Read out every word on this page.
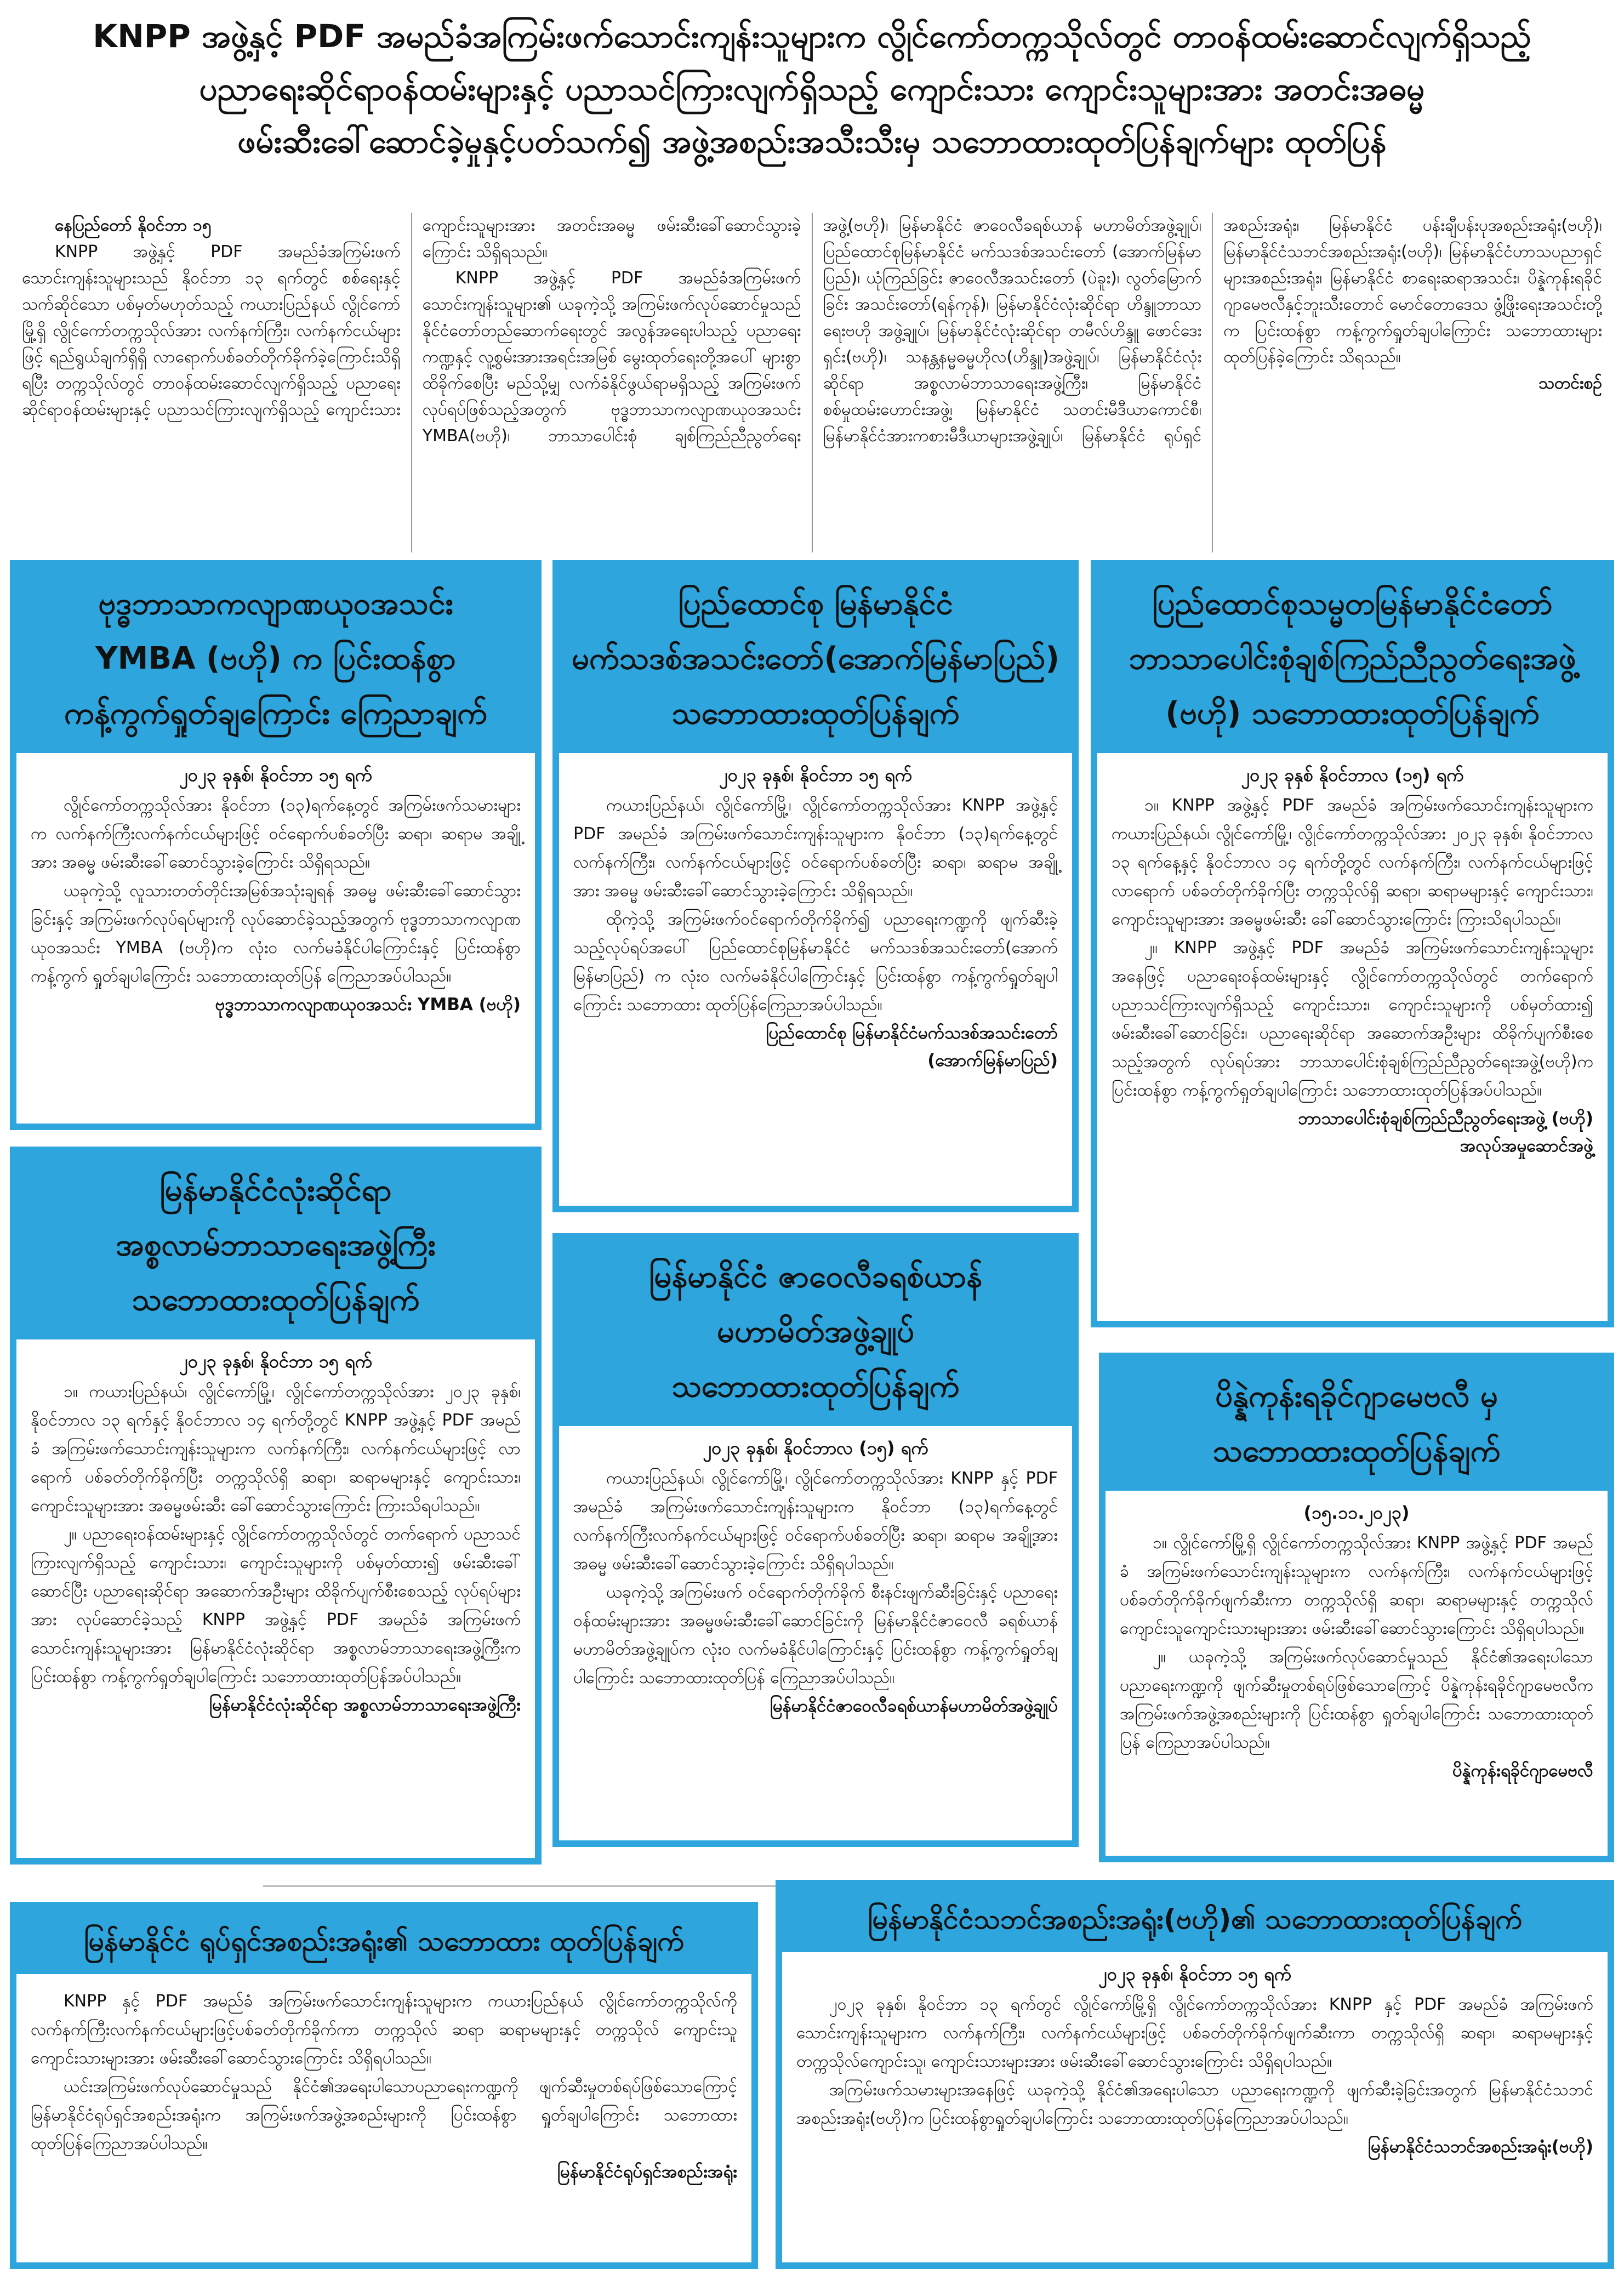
KNPP အဖွဲ့နှင့် PDF အမည်ခံအကြမ်းဖက်သောင်းကျန်းသူများက လွိုင်ကော်တက္ကသိုလ်တွင် တာဝန်ထမ်းဆောင်လျက်ရှိသည့်
ပညာရေးဆိုင်ရာဝန်ထမ်းများနှင့် ပညာသင်ကြားလျက်ရှိသည့် ကျောင်းသား ကျောင်းသူများအား အတင်းအဓမ္မ
ဖမ်းဆီးခေါ်ဆောင်ခဲ့မှုနှင့်ပတ်သက်၍ အဖွဲ့အစည်းအသီးသီးမှ သဘောထားထုတ်ပြန်ချက်များ ထုတ်ပြန်

နေပြည်တော် နိုဝင်ဘာ ၁၅

KNPP အဖွဲ့နှင့် PDF အမည်ခံအကြမ်းဖက်သောင်းကျန်းသူများသည် နိုဝင်ဘာ ၁၃ ရက်တွင် စစ်ရေးနှင့်သက်ဆိုင်သော ပစ်မှတ်မဟုတ်သည့် ကယားပြည်နယ် လွိုင်ကော်မြို့ရှိ လွိုင်ကော်တက္ကသိုလ်အား လက်နက်ကြီး၊ လက်နက်ငယ်များဖြင့် ရည်ရွယ်ချက်ရှိရှိ လာရောက်ပစ်ခတ်တိုက်ခိုက်ခဲ့ကြောင်းသိရှိရပြီး တက္ကသိုလ်တွင် တာဝန်ထမ်းဆောင်လျက်ရှိသည့် ပညာရေးဆိုင်ရာဝန်ထမ်းများနှင့် ပညာသင်ကြားလျက်ရှိသည့် ကျောင်းသား ကျောင်းသူများအား အတင်းအဓမ္မ ဖမ်းဆီးခေါ်ဆောင်သွားခဲ့ကြောင်း သိရှိရသည်။

KNPP အဖွဲ့နှင့် PDF အမည်ခံအကြမ်းဖက်သောင်းကျန်းသူများ၏ ယခုကဲ့သို့ အကြမ်းဖက်လုပ်ဆောင်မှုသည် နိုင်ငံတော်တည်ဆောက်ရေးတွင် အလွန်အရေးပါသည့် ပညာရေးကဏ္ဍနှင့် လူ့စွမ်းအားအရင်းအမြစ် မွေးထုတ်ရေးတို့အပေါ် များစွာ ထိခိုက်စေပြီး မည်သို့မျှ လက်ခံနိုင်ဖွယ်ရာမရှိသည့် အကြမ်းဖက် လုပ်ရပ်ဖြစ်သည့်အတွက် ဗုဒ္ဓဘာသာကလျာဏယုဝအသင်း YMBA(ဗဟို)၊ ဘာသာပေါင်းစုံ ချစ်ကြည်ညီညွတ်ရေးအဖွဲ့(ဗဟို)၊ မြန်မာနိုင်ငံ ဇာဝေလီခရစ်ယာန် မဟာမိတ်အဖွဲ့ချုပ်၊ ပြည်ထောင်စုမြန်မာနိုင်ငံ မက်သဒစ်အသင်းတော် (အောက်မြန်မာပြည်)၊ ယုံကြည်ခြင်း ဇာဝေလီအသင်းတော် (ပဲခူး)၊ လွတ်မြောက်ခြင်း အသင်းတော်(ရန်ကုန်)၊ မြန်မာနိုင်ငံလုံးဆိုင်ရာ ဟိန္ဒူဘာသာရေးဗဟို အဖွဲ့ချုပ်၊ မြန်မာနိုင်ငံလုံးဆိုင်ရာ တမီလ်ဟိန္ဒူ ဖောင်ဒေးရှင်း(ဗဟို)၊ သနန္တနမ္မဓမ္မဟိုလ(ဟိန္ဒူ)အဖွဲ့ချုပ်၊ မြန်မာနိုင်ငံလုံးဆိုင်ရာ အစ္စလာမ်ဘာသာရေးအဖွဲ့ကြီး၊ မြန်မာနိုင်ငံစစ်မှုထမ်းဟောင်းအဖွဲ့၊ မြန်မာနိုင်ငံ သတင်းမီဒီယာကောင်စီ၊ မြန်မာနိုင်ငံအားကစားမီဒီယာများအဖွဲ့ချုပ်၊ မြန်မာနိုင်ငံ ရုပ်ရှင်အစည်းအရုံး၊ မြန်မာနိုင်ငံ ပန်းချီပန်းပုအစည်းအရုံး(ဗဟို)၊ မြန်မာနိုင်ငံသဘင်အစည်းအရုံး(ဗဟို)၊ မြန်မာနိုင်ငံဟာသပညာရှင်များအစည်းအရုံး၊ မြန်မာနိုင်ငံ စာရေးဆရာအသင်း၊ ပိန္နဲကုန်းရခိုင်ဂျာမေဗလီနှင့်ဘူးသီးတောင် မောင်တောဒေသ ဖွံ့ဖြိုးရေးအသင်းတို့က ပြင်းထန်စွာ ကန့်ကွက်ရှုတ်ချပါကြောင်း သဘောထားများ ထုတ်ပြန်ခဲ့ကြောင်း သိရသည်။

သတင်းစဉ်

ဗုဒ္ဓဘာသာကလျာဏယုဝအသင်း
YMBA (ဗဟို) က ပြင်းထန်စွာ
ကန့်ကွက်ရှုတ်ချကြောင်း ကြေညာချက်
၂၀၂၃ ခုနှစ်၊ နိုဝင်ဘာ ၁၅ ရက်

လွိုင်ကော်တက္ကသိုလ်အား နိုဝင်ဘာ (၁၃)ရက်နေ့တွင် အကြမ်းဖက်သမားများက လက်နက်ကြီးလက်နက်ငယ်များဖြင့် ဝင်ရောက်ပစ်ခတ်ပြီး ဆရာ၊ ဆရာမ အချို့အား အဓမ္မ ဖမ်းဆီးခေါ်ဆောင်သွားခဲ့ကြောင်း သိရှိရသည်။

ယခုကဲ့သို့ လူသားတတ်တိုင်းအမြစ်အသုံးချရန် အဓမ္မ ဖမ်းဆီးခေါ်ဆောင်သွားခြင်းနှင့် အကြမ်းဖက်လုပ်ရပ်များကို လုပ်ဆောင်ခဲ့သည့်အတွက် ဗုဒ္ဓဘာသာကလျာဏယုဝအသင်း YMBA (ဗဟို)က လုံးဝ လက်မခံနိုင်ပါကြောင်းနှင့် ပြင်းထန်စွာကန့်ကွက် ရှုတ်ချပါကြောင်း သဘောထားထုတ်ပြန် ကြေညာအပ်ပါသည်။

ဗုဒ္ဓဘာသာကလျာဏယုဝအသင်း YMBA (ဗဟို)
ပြည်ထောင်စု မြန်မာနိုင်ငံ
မက်သဒစ်အသင်းတော်(အောက်မြန်မာပြည်)
သဘောထားထုတ်ပြန်ချက်
၂၀၂၃ ခုနှစ်၊ နိုဝင်ဘာ ၁၅ ရက်

ကယားပြည်နယ်၊ လွိုင်ကော်မြို့၊ လွိုင်ကော်တက္ကသိုလ်အား KNPP အဖွဲ့နှင့် PDF အမည်ခံ အကြမ်းဖက်သောင်းကျန်းသူများက နိုဝင်ဘာ (၁၃)ရက်နေ့တွင် လက်နက်ကြီး၊ လက်နက်ငယ်များဖြင့် ဝင်ရောက်ပစ်ခတ်ပြီး ဆရာ၊ ဆရာမ အချို့အား အဓမ္မ ဖမ်းဆီးခေါ်ဆောင်သွားခဲ့ကြောင်း သိရှိရသည်။

ထိုကဲ့သို့ အကြမ်းဖက်ဝင်ရောက်တိုက်ခိုက်၍ ပညာရေးကဏ္ဍကို ဖျက်ဆီးခဲ့သည့်လုပ်ရပ်အပေါ် ပြည်ထောင်စုမြန်မာနိုင်ငံ မက်သဒစ်အသင်းတော်(အောက် မြန်မာပြည်) က လုံးဝ လက်မခံနိုင်ပါကြောင်းနှင့် ပြင်းထန်စွာ ကန့်ကွက်ရှုတ်ချပါကြောင်း သဘောထား ထုတ်ပြန်ကြေညာအပ်ပါသည်။

ပြည်ထောင်စု မြန်မာနိုင်ငံမက်သဒစ်အသင်းတော်
(အောက်မြန်မာပြည်)
ပြည်ထောင်စုသမ္မတမြန်မာနိုင်ငံတော်
ဘာသာပေါင်းစုံချစ်ကြည်ညီညွတ်ရေးအဖွဲ့
(ဗဟို) သဘောထားထုတ်ပြန်ချက်
၂၀၂၃ ခုနှစ် နိုဝင်ဘာလ (၁၅) ရက်

၁။ KNPP အဖွဲ့နှင့် PDF အမည်ခံ အကြမ်းဖက်သောင်းကျန်းသူများက ကယားပြည်နယ်၊ လွိုင်ကော်မြို့၊ လွိုင်ကော်တက္ကသိုလ်အား ၂၀၂၃ ခုနှစ်၊ နိုဝင်ဘာလ ၁၃ ရက်နေ့နှင့် နိုဝင်ဘာလ ၁၄ ရက်တို့တွင် လက်နက်ကြီး၊ လက်နက်ငယ်များဖြင့် လာရောက် ပစ်ခတ်တိုက်ခိုက်ပြီး တက္ကသိုလ်ရှိ ဆရာ၊ ဆရာမများနှင့် ကျောင်းသား၊ ကျောင်းသူများအား အဓမ္မဖမ်းဆီး ခေါ်ဆောင်သွားကြောင်း ကြားသိရပါသည်။

၂။ KNPP အဖွဲ့နှင့် PDF အမည်ခံ အကြမ်းဖက်သောင်းကျန်းသူများ အနေဖြင့် ပညာရေးဝန်ထမ်းများနှင့် လွိုင်ကော်တက္ကသိုလ်တွင် တက်ရောက်ပညာသင်ကြားလျက်ရှိသည့် ကျောင်းသား၊ ကျောင်းသူများကို ပစ်မှတ်ထား၍ ဖမ်းဆီးခေါ်ဆောင်ခြင်း၊ ပညာရေးဆိုင်ရာ အဆောက်အဦးများ ထိခိုက်ပျက်စီးစေသည့်အတွက် လုပ်ရပ်အား ဘာသာပေါင်းစုံချစ်ကြည်ညီညွတ်ရေးအဖွဲ့(ဗဟို)က ပြင်းထန်စွာ ကန့်ကွက်ရှုတ်ချပါကြောင်း သဘောထားထုတ်ပြန်အပ်ပါသည်။

ဘာသာပေါင်းစုံချစ်ကြည်ညီညွတ်ရေးအဖွဲ့ (ဗဟို)
အလုပ်အမှုဆောင်အဖွဲ့
မြန်မာနိုင်ငံလုံးဆိုင်ရာ
အစ္စလာမ်ဘာသာရေးအဖွဲ့ကြီး
သဘောထားထုတ်ပြန်ချက်
၂၀၂၃ ခုနှစ်၊ နိုဝင်ဘာ ၁၅ ရက်

၁။ ကယားပြည်နယ်၊ လွိုင်ကော်မြို့၊ လွိုင်ကော်တက္ကသိုလ်အား ၂၀၂၃ ခုနှစ်၊ နိုဝင်ဘာလ ၁၃ ရက်နှင့် နိုဝင်ဘာလ ၁၄ ရက်တို့တွင် KNPP အဖွဲ့နှင့် PDF အမည်ခံ အကြမ်းဖက်သောင်းကျန်းသူများက လက်နက်ကြီး၊ လက်နက်ငယ်များဖြင့် လာရောက် ပစ်ခတ်တိုက်ခိုက်ပြီး တက္ကသိုလ်ရှိ ဆရာ၊ ဆရာမများနှင့် ကျောင်းသား၊ ကျောင်းသူများအား အဓမ္မဖမ်းဆီး ခေါ်ဆောင်သွားကြောင်း ကြားသိရပါသည်။

၂။ ပညာရေးဝန်ထမ်းများနှင့် လွိုင်ကော်တက္ကသိုလ်တွင် တက်ရောက် ပညာသင်ကြားလျက်ရှိသည့် ကျောင်းသား၊ ကျောင်းသူများကို ပစ်မှတ်ထား၍ ဖမ်းဆီးခေါ်ဆောင်ပြီး ပညာရေးဆိုင်ရာ အဆောက်အဦးများ ထိခိုက်ပျက်စီးစေသည့် လုပ်ရပ်များအား လုပ်ဆောင်ခဲ့သည့် KNPP အဖွဲ့နှင့် PDF အမည်ခံ အကြမ်းဖက်သောင်းကျန်းသူများအား မြန်မာနိုင်ငံလုံးဆိုင်ရာ အစ္စလာမ်ဘာသာရေးအဖွဲ့ကြီးက ပြင်းထန်စွာ ကန့်ကွက်ရှုတ်ချပါကြောင်း သဘောထားထုတ်ပြန်အပ်ပါသည်။

မြန်မာနိုင်ငံလုံးဆိုင်ရာ အစ္စလာမ်ဘာသာရေးအဖွဲ့ကြီး
မြန်မာနိုင်ငံ ဇာဝေလီခရစ်ယာန်
မဟာမိတ်အဖွဲ့ချုပ်
သဘောထားထုတ်ပြန်ချက်
၂၀၂၃ ခုနှစ်၊ နိုဝင်ဘာလ (၁၅) ရက်

ကယားပြည်နယ်၊ လွိုင်ကော်မြို့၊ လွိုင်ကော်တက္ကသိုလ်အား KNPP နှင့် PDF အမည်ခံ အကြမ်းဖက်သောင်းကျန်းသူများက နိုဝင်ဘာ (၁၃)ရက်နေ့တွင် လက်နက်ကြီးလက်နက်ငယ်များဖြင့် ဝင်ရောက်ပစ်ခတ်ပြီး ဆရာ၊ ဆရာမ အချို့အား အဓမ္မ ဖမ်းဆီးခေါ်ဆောင်သွားခဲ့ကြောင်း သိရှိရပါသည်။

ယခုကဲ့သို့ အကြမ်းဖက် ဝင်ရောက်တိုက်ခိုက် စီးနင်းဖျက်ဆီးခြင်းနှင့် ပညာရေးဝန်ထမ်းများအား အဓမ္မဖမ်းဆီးခေါ်ဆောင်ခြင်းကို မြန်မာနိုင်ငံဇာဝေလီ ခရစ်ယာန်မဟာမိတ်အဖွဲ့ချုပ်က လုံးဝ လက်မခံနိုင်ပါကြောင်းနှင့် ပြင်းထန်စွာ ကန့်ကွက်ရှုတ်ချပါကြောင်း သဘောထားထုတ်ပြန် ကြေညာအပ်ပါသည်။

မြန်မာနိုင်ငံဇာဝေလီခရစ်ယာန်မဟာမိတ်အဖွဲ့ချုပ်
ပိန္နဲကုန်းရခိုင်ဂျာမေဗလီ မှ
သဘောထားထုတ်ပြန်ချက်
(၁၅.၁၁.၂၀၂၃)

၁။ လွိုင်ကော်မြို့ရှိ လွိုင်ကော်တက္ကသိုလ်အား KNPP အဖွဲ့နှင့် PDF အမည်ခံ အကြမ်းဖက်သောင်းကျန်းသူများက လက်နက်ကြီး၊ လက်နက်ငယ်များဖြင့်ပစ်ခတ်တိုက်ခိုက်ဖျက်ဆီးကာ တက္ကသိုလ်ရှိ ဆရာ၊ ဆရာမများနှင့် တက္ကသိုလ်ကျောင်းသူကျောင်းသားများအား ဖမ်းဆီးခေါ်ဆောင်သွားကြောင်း သိရှိရပါသည်။

၂။ ယခုကဲ့သို့ အကြမ်းဖက်လုပ်ဆောင်မှုသည် နိုင်ငံ၏အရေးပါသော ပညာရေးကဏ္ဍကို ဖျက်ဆီးမှုတစ်ရပ်ဖြစ်သောကြောင့် ပိန္နဲကုန်းရခိုင်ဂျာမေဗလီက အကြမ်းဖက်အဖွဲ့အစည်းများကို ပြင်းထန်စွာ ရှုတ်ချပါကြောင်း သဘောထားထုတ်ပြန် ကြေညာအပ်ပါသည်။

ပိန္နဲကုန်းရခိုင်ဂျာမေဗလီ
မြန်မာနိုင်ငံ ရုပ်ရှင်အစည်းအရုံး၏ သဘောထား ထုတ်ပြန်ချက်

KNPP နှင့် PDF အမည်ခံ အကြမ်းဖက်သောင်းကျန်းသူများက ကယားပြည်နယ် လွိုင်ကော်တက္ကသိုလ်ကို လက်နက်ကြီးလက်နက်ငယ်များဖြင့်ပစ်ခတ်တိုက်ခိုက်ကာ တက္ကသိုလ် ဆရာ ဆရာမများနှင့် တက္ကသိုလ် ကျောင်းသူ ကျောင်းသားများအား ဖမ်းဆီးခေါ်ဆောင်သွားကြောင်း သိရှိရပါသည်။

ယင်းအကြမ်းဖက်လုပ်ဆောင်မှုသည် နိုင်ငံ၏အရေးပါသောပညာရေးကဏ္ဍကို ဖျက်ဆီးမှုတစ်ရပ်ဖြစ်သောကြောင့် မြန်မာနိုင်ငံရုပ်ရှင်အစည်းအရုံးက အကြမ်းဖက်အဖွဲ့အစည်းများကို ပြင်းထန်စွာ ရှုတ်ချပါကြောင်း သဘောထားထုတ်ပြန်ကြေညာအပ်ပါသည်။

မြန်မာနိုင်ငံရုပ်ရှင်အစည်းအရုံး
မြန်မာနိုင်ငံသဘင်အစည်းအရုံး(ဗဟို)၏ သဘောထားထုတ်ပြန်ချက်
၂၀၂၃ ခုနှစ်၊ နိုဝင်ဘာ ၁၅ ရက်

၂၀၂၃ ခုနှစ်၊ နိုဝင်ဘာ ၁၃ ရက်တွင် လွိုင်ကော်မြို့ရှိ လွိုင်ကော်တက္ကသိုလ်အား KNPP နှင့် PDF အမည်ခံ အကြမ်းဖက်သောင်းကျန်းသူများက လက်နက်ကြီး၊ လက်နက်ငယ်များဖြင့် ပစ်ခတ်တိုက်ခိုက်ဖျက်ဆီးကာ တက္ကသိုလ်ရှိ ဆရာ၊ ဆရာမများနှင့် တက္ကသိုလ်ကျောင်းသူ၊ ကျောင်းသားများအား ဖမ်းဆီးခေါ်ဆောင်သွားကြောင်း သိရှိရပါသည်။

အကြမ်းဖက်သမားများအနေဖြင့် ယခုကဲ့သို့ နိုင်ငံ၏အရေးပါသော ပညာရေးကဏ္ဍကို ဖျက်ဆီးခဲ့ခြင်းအတွက် မြန်မာနိုင်ငံသဘင်အစည်းအရုံး(ဗဟို)က ပြင်းထန်စွာရှုတ်ချပါကြောင်း သဘောထားထုတ်ပြန်ကြေညာအပ်ပါသည်။

မြန်မာနိုင်ငံသဘင်အစည်းအရုံး(ဗဟို)
